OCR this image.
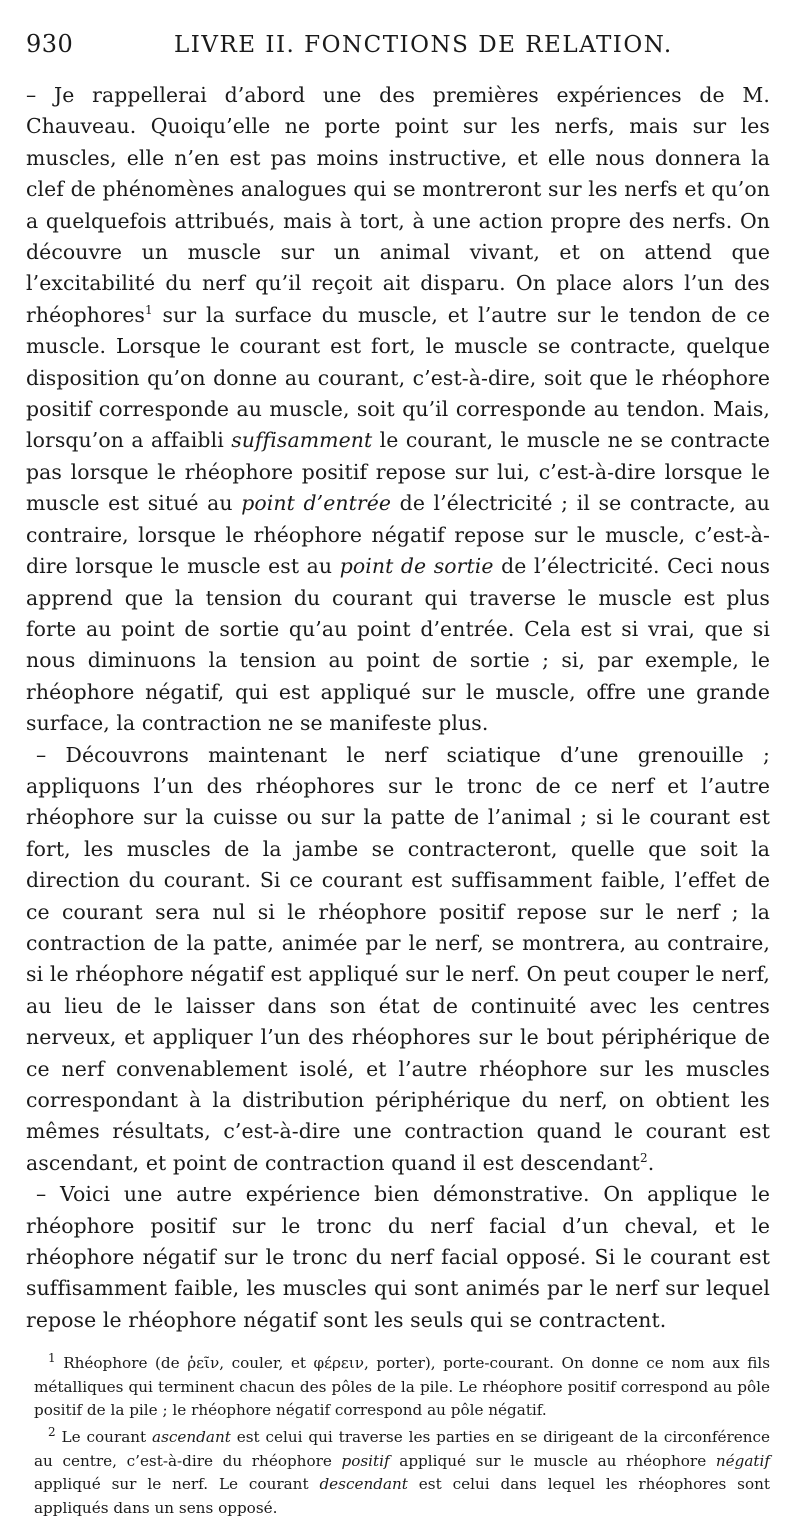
930	LIVRE II. FONCTIONS DE RELATION.

– Je rappellerai d’abord une des premières expériences de M. Chauveau. Quoiqu’elle ne porte point sur les nerfs, mais sur les muscles, elle n’en est pas moins instructive, et elle nous donnera la clef de phénomènes analogues qui se montreront sur les nerfs et qu’on a quelquefois attribués, mais à tort, à une action propre des nerfs. On découvre un muscle sur un animal vivant, et on attend que l’excitabilité du nerf qu’il reçoit ait disparu. On place alors l’un des rhéophores$^1$ sur la surface du muscle, et l’autre sur le tendon de ce muscle. Lorsque le courant est fort, le muscle se contracte, quelque disposition qu’on donne au courant, c’est-à-dire, soit que le rhéophore positif corresponde au muscle, soit qu’il corresponde au tendon. Mais, lorsqu’on a affaibli suffisamment le courant, le muscle ne se contracte pas lorsque le rhéophore positif repose sur lui, c’est-à-dire lorsque le muscle est situé au point d’entrée de l’électricité ; il se contracte, au contraire, lorsque le rhéophore négatif repose sur le muscle, c’est-à-dire lorsque le muscle est au point de sortie de l’électricité. Ceci nous apprend que la tension du courant qui traverse le muscle est plus forte au point de sortie qu’au point d’entrée. Cela est si vrai, que si nous diminuons la tension au point de sortie ; si, par exemple, le rhéophore négatif, qui est appliqué sur le muscle, offre une grande surface, la contraction ne se manifeste plus.

– Découvrons maintenant le nerf sciatique d’une grenouille ; appliquons l’un des rhéophores sur le tronc de ce nerf et l’autre rhéophore sur la cuisse ou sur la patte de l’animal ; si le courant est fort, les muscles de la jambe se contracteront, quelle que soit la direction du courant. Si ce courant est suffisamment faible, l’effet de ce courant sera nul si le rhéophore positif repose sur le nerf ; la contraction de la patte, animée par le nerf, se montrera, au contraire, si le rhéophore négatif est appliqué sur le nerf. On peut couper le nerf, au lieu de le laisser dans son état de continuité avec les centres nerveux, et appliquer l’un des rhéophores sur le bout périphérique de ce nerf convenablement isolé, et l’autre rhéophore sur les muscles correspondant à la distribution périphérique du nerf, on obtient les mêmes résultats, c’est-à-dire une contraction quand le courant est ascendant, et point de contraction quand il est descendant$^2$.

– Voici une autre expérience bien démonstrative. On applique le rhéophore positif sur le tronc du nerf facial d’un cheval, et le rhéophore négatif sur le tronc du nerf facial opposé. Si le courant est suffisamment faible, les muscles qui sont animés par le nerf sur lequel repose le rhéophore négatif sont les seuls qui se contractent.

$^1$ Rhéophore (de ῥεῖν, couler, et φέρειν, porter), porte-courant. On donne ce nom aux fils métalliques qui terminent chacun des pôles de la pile. Le rhéophore positif correspond au pôle positif de la pile ; le rhéophore négatif correspond au pôle négatif.

$^2$ Le courant ascendant est celui qui traverse les parties en se dirigeant de la circonférence au centre, c’est-à-dire du rhéophore positif appliqué sur le muscle au rhéophore négatif appliqué sur le nerf. Le courant descendant est celui dans lequel les rhéophores sont appliqués dans un sens opposé.
